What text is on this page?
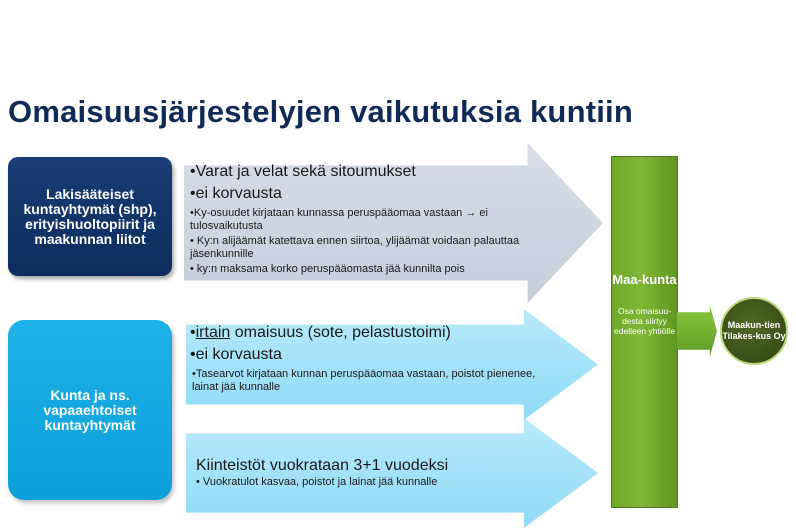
Omaisuusjärjestelyjen vaikutuksia kuntiin
Lakisääteiset kuntayhtymät (shp), erityishuoltopiirit ja maakunnan liitot
Kunta ja ns. vapaaehtoiset kuntayhtymät
•Varat ja velat sekä sitoumukset
•ei korvausta
•Ky-osuudet kirjataan kunnassa peruspääomaa vastaan → ei tulosvaikutusta
• Ky:n alijäämät katettava ennen siirtoa, ylijäämät voidaan palauttaa jäsenkunnille
• ky:n maksama korko peruspääomasta jää kunnilta pois
•irtain omaisuus (sote, pelastustoimi)
•ei korvausta
•Tasearvot kirjataan kunnan peruspääomaa vastaan, poistot pienenee, lainat jää kunnalle
Kiinteistöt vuokrataan 3+1 vuodeksi
• Vuokratulot kasvaa, poistot ja lainat jää kunnalle
Maa-kunta
Osa omaisuu-desta siirtyy edelleen yhtiölle
Maakun-tien Tilakes-kus Oy
